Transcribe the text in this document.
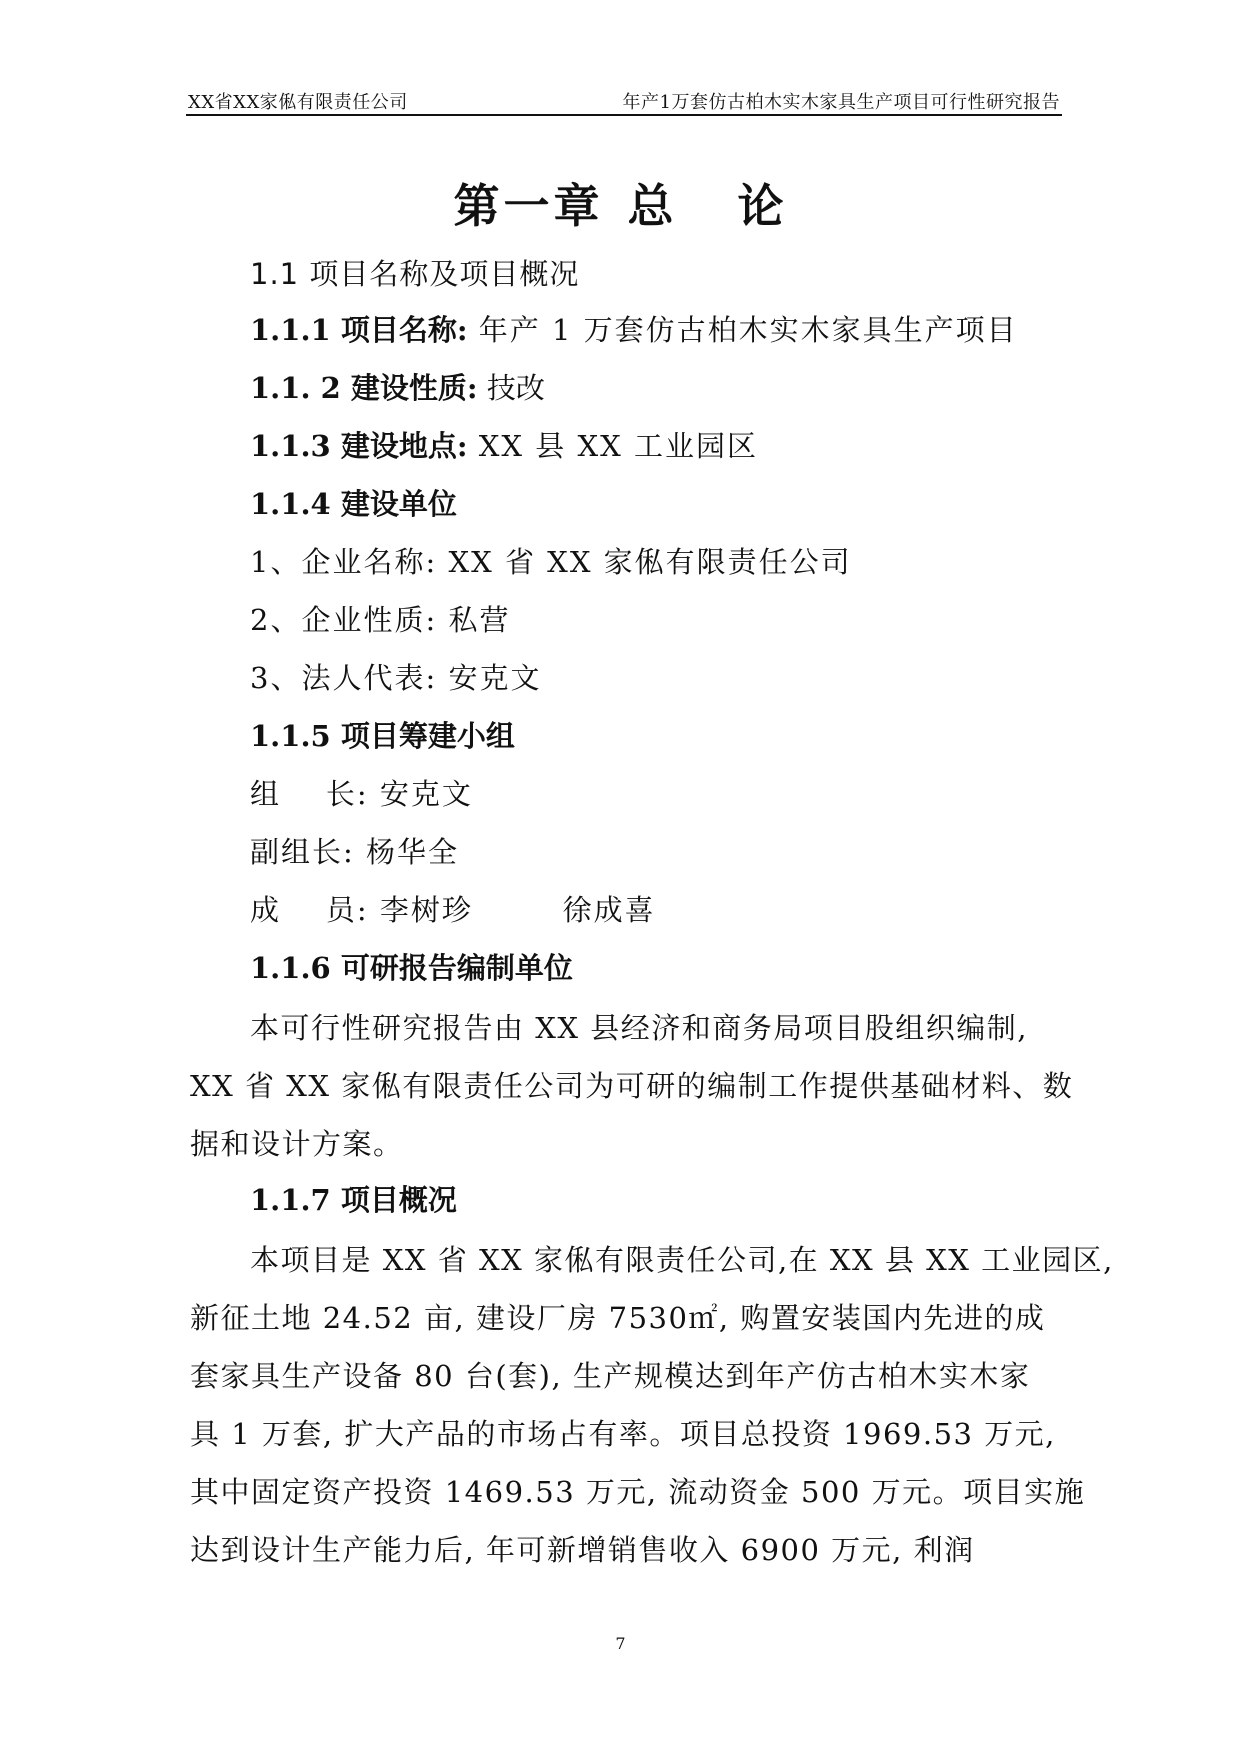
XX省XX家俬有限责任公司	年产1万套仿古柏木实木家具生产项目可行性研究报告
第一章 总   论
1.1 项目名称及项目概况
1.1.1 项目名称: 年产 1 万套仿古柏木实木家具生产项目
1.1. 2 建设性质: 技改
1.1.3 建设地点: XX 县 XX 工业园区
1.1.4 建设单位
1、企业名称: XX 省 XX 家俬有限责任公司
2、企业性质: 私营
3、法人代表: 安克文
1.1.5 项目筹建小组
组    长: 安克文
副组长: 杨华全
成    员: 李树珍        徐成喜
1.1.6 可研报告编制单位
本可行性研究报告由 XX 县经济和商务局项目股组织编制,
XX 省 XX 家俬有限责任公司为可研的编制工作提供基础材料、数
据和设计方案。
1.1.7 项目概况
本项目是 XX 省 XX 家俬有限责任公司,在 XX 县 XX 工业园区,
新征土地 24.52 亩, 建设厂房 7530㎡, 购置安装国内先进的成
套家具生产设备 80 台(套), 生产规模达到年产仿古柏木实木家
具 1 万套, 扩大产品的市场占有率。项目总投资 1969.53 万元,
其中固定资产投资 1469.53 万元, 流动资金 500 万元。项目实施
达到设计生产能力后, 年可新增销售收入 6900 万元, 利润
7
